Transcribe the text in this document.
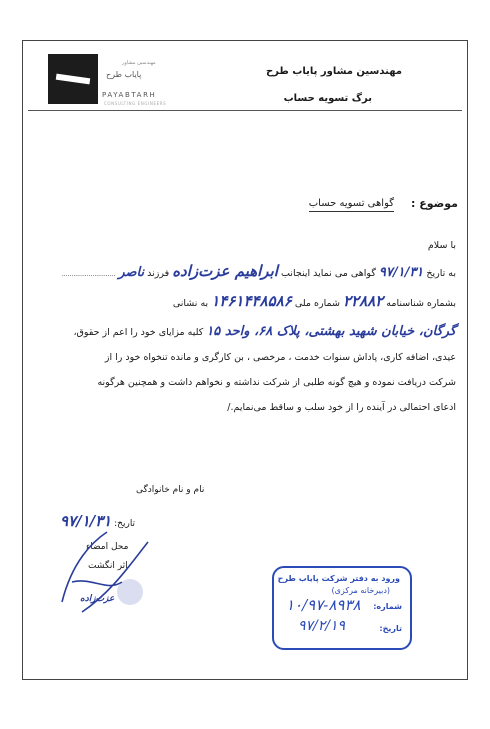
مهندسین مشاور
پایاب طرح
PAYABTARH
CONSULTING ENGINEERS
مهندسین مشاور پایاب طرح
برگ تسویه حساب
موضوع :
گواهی تسویه حساب
با سلام
به تاریخ ۹۷/۱/۳۱ گواهی می نماید اینجانب ابراهیم عزت‌زاده فرزند ناصر ............................
بشماره شناسنامه ۲۲۸۸۲ شماره ملی ۱۴۶۱۴۴۸۵۸۶ به نشانی
گرگان، خیابان شهید بهشتی، پلاک ۶۸، واحد ۱۵ کلیه مزایای خود را اعم از حقوق،
عیدی، اضافه کاری، پاداش سنوات خدمت ، مرخصی ، بن کارگری و مانده تنخواه خود را از
شرکت دریافت نموده و هیچ گونه طلبی از شرکت نداشته و نخواهم داشت و همچنین هرگونه
ادعای احتمالی در آینده را از خود سلب و ساقط می‌نمایم./
نام و نام خانوادگی
تاریخ: ۹۷/۱/۳۱
محل امضاء
اثر انگشت
عزت‌زاده
ورود به دفتر شرکت پایاب طرح
(دبیرخانه مرکزی)
شماره:
۱۰/۹۷-۸۹۳۸
تاریخ:
۹۷/۲/۱۹
